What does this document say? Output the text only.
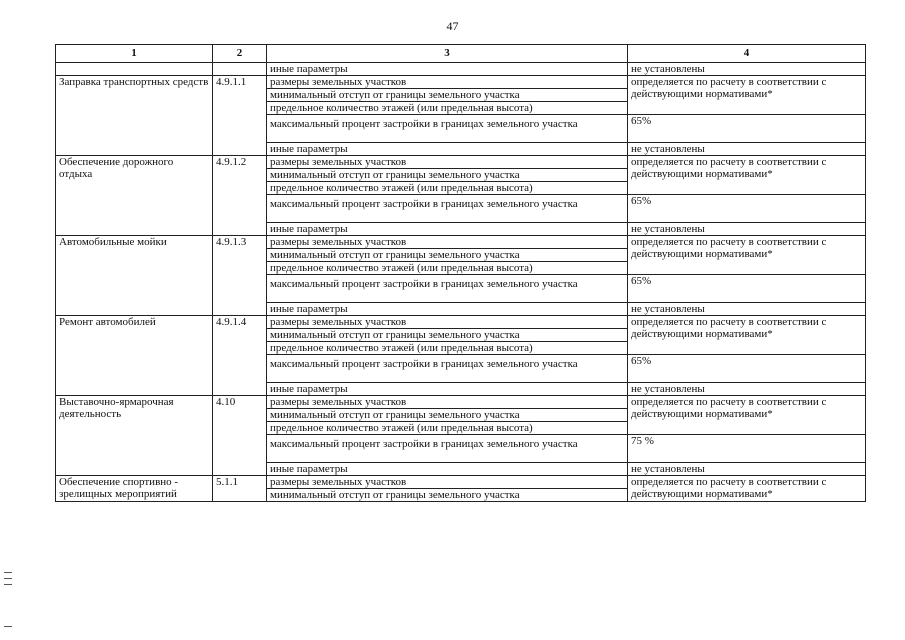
47
1	2	3	4
		иные параметры	не установлены
Заправка транспортных средств	4.9.1.1	размеры земельных участков	определяется по расчету в соответствии с действующими нормативами*
		минимальный отступ от границы земельного участка	
		предельное количество этажей (или предельная высота)	
		максимальный процент застройки в границах земельного участка	65%
		иные параметры	не установлены
Обеспечение дорожного отдыха	4.9.1.2	размеры земельных участков	определяется по расчету в соответствии с действующими нормативами*
		минимальный отступ от границы земельного участка	
		предельное количество этажей (или предельная высота)	
		максимальный процент застройки в границах земельного участка	65%
		иные параметры	не установлены
Автомобильные мойки	4.9.1.3	размеры земельных участков	определяется по расчету в соответствии с действующими нормативами*
		минимальный отступ от границы земельного участка	
		предельное количество этажей (или предельная высота)	
		максимальный процент застройки в границах земельного участка	65%
		иные параметры	не установлены
Ремонт автомобилей	4.9.1.4	размеры земельных участков	определяется по расчету в соответствии с действующими нормативами*
		минимальный отступ от границы земельного участка	
		предельное количество этажей (или предельная высота)	
		максимальный процент застройки в границах земельного участка	65%
		иные параметры	не установлены
Выставочно-ярмарочная деятельность	4.10	размеры земельных участков	определяется по расчету в соответствии с действующими нормативами*
		минимальный отступ от границы земельного участка	
		предельное количество этажей (или предельная высота)	
		максимальный процент застройки в границах земельного участка	75 %
		иные параметры	не установлены
Обеспечение спортивно - зрелищных мероприятий	5.1.1	размеры земельных участков	определяется по расчету в соответствии с действующими нормативами*
		минимальный отступ от границы земельного участка	
